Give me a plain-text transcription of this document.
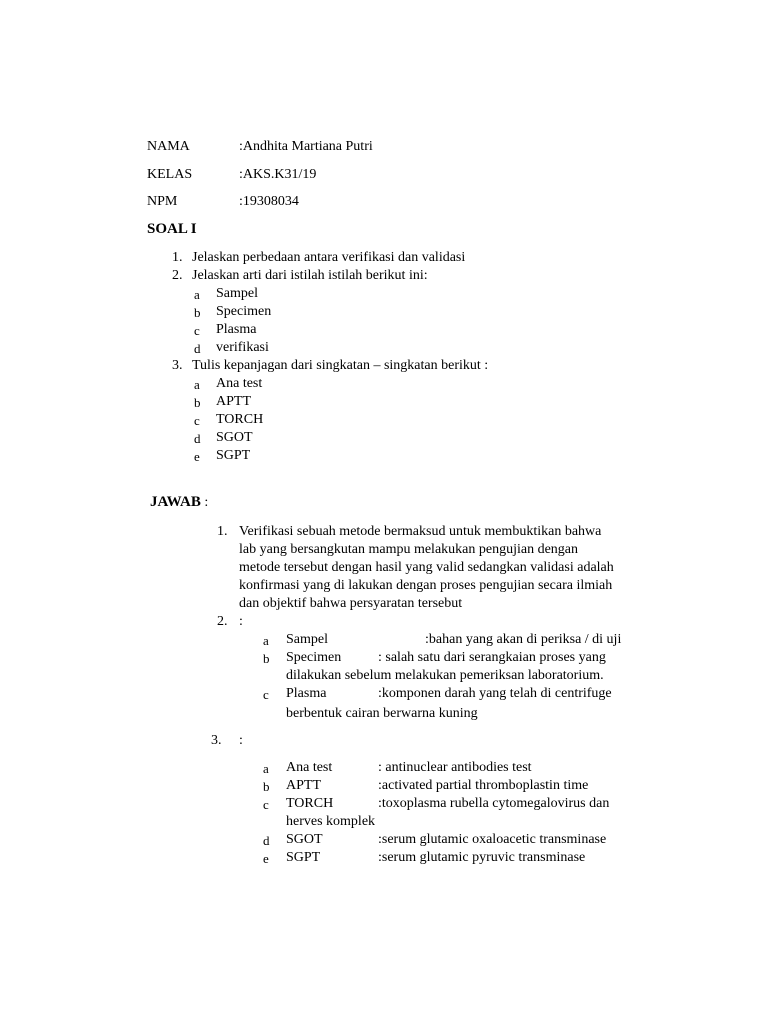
NAMA	:Andhita Martiana Putri
KELAS	:AKS.K31/19
NPM	:19308034
SOAL I
1. Jelaskan perbedaan antara verifikasi dan validasi
2. Jelaskan arti dari istilah istilah berikut ini:
a Sampel
b Specimen
c Plasma
d verifikasi
3. Tulis kepanjagan dari singkatan – singkatan berikut :
a Ana test
b APTT
c TORCH
d SGOT
e SGPT
JAWAB :
1. Verifikasi sebuah metode bermaksud untuk membuktikan bahwa
lab yang bersangkutan mampu melakukan pengujian dengan
metode tersebut dengan hasil yang valid sedangkan validasi adalah
konfirmasi yang di lakukan dengan proses pengujian secara ilmiah
dan objektif bahwa persyaratan tersebut
2. :
a Sampel	:bahan yang akan di periksa / di uji
b Specimen	: salah satu dari serangkaian proses yang
dilakukan sebelum melakukan pemeriksan laboratorium.
c Plasma	:komponen darah yang telah di centrifuge
berbentuk cairan berwarna kuning
3. :
a Ana test	: antinuclear antibodies test
b APTT	:activated partial thromboplastin time
c TORCH	:toxoplasma rubella cytomegalovirus dan
herves komplek
d SGOT	:serum glutamic oxaloacetic transminase
e SGPT	:serum glutamic pyruvic transminase
